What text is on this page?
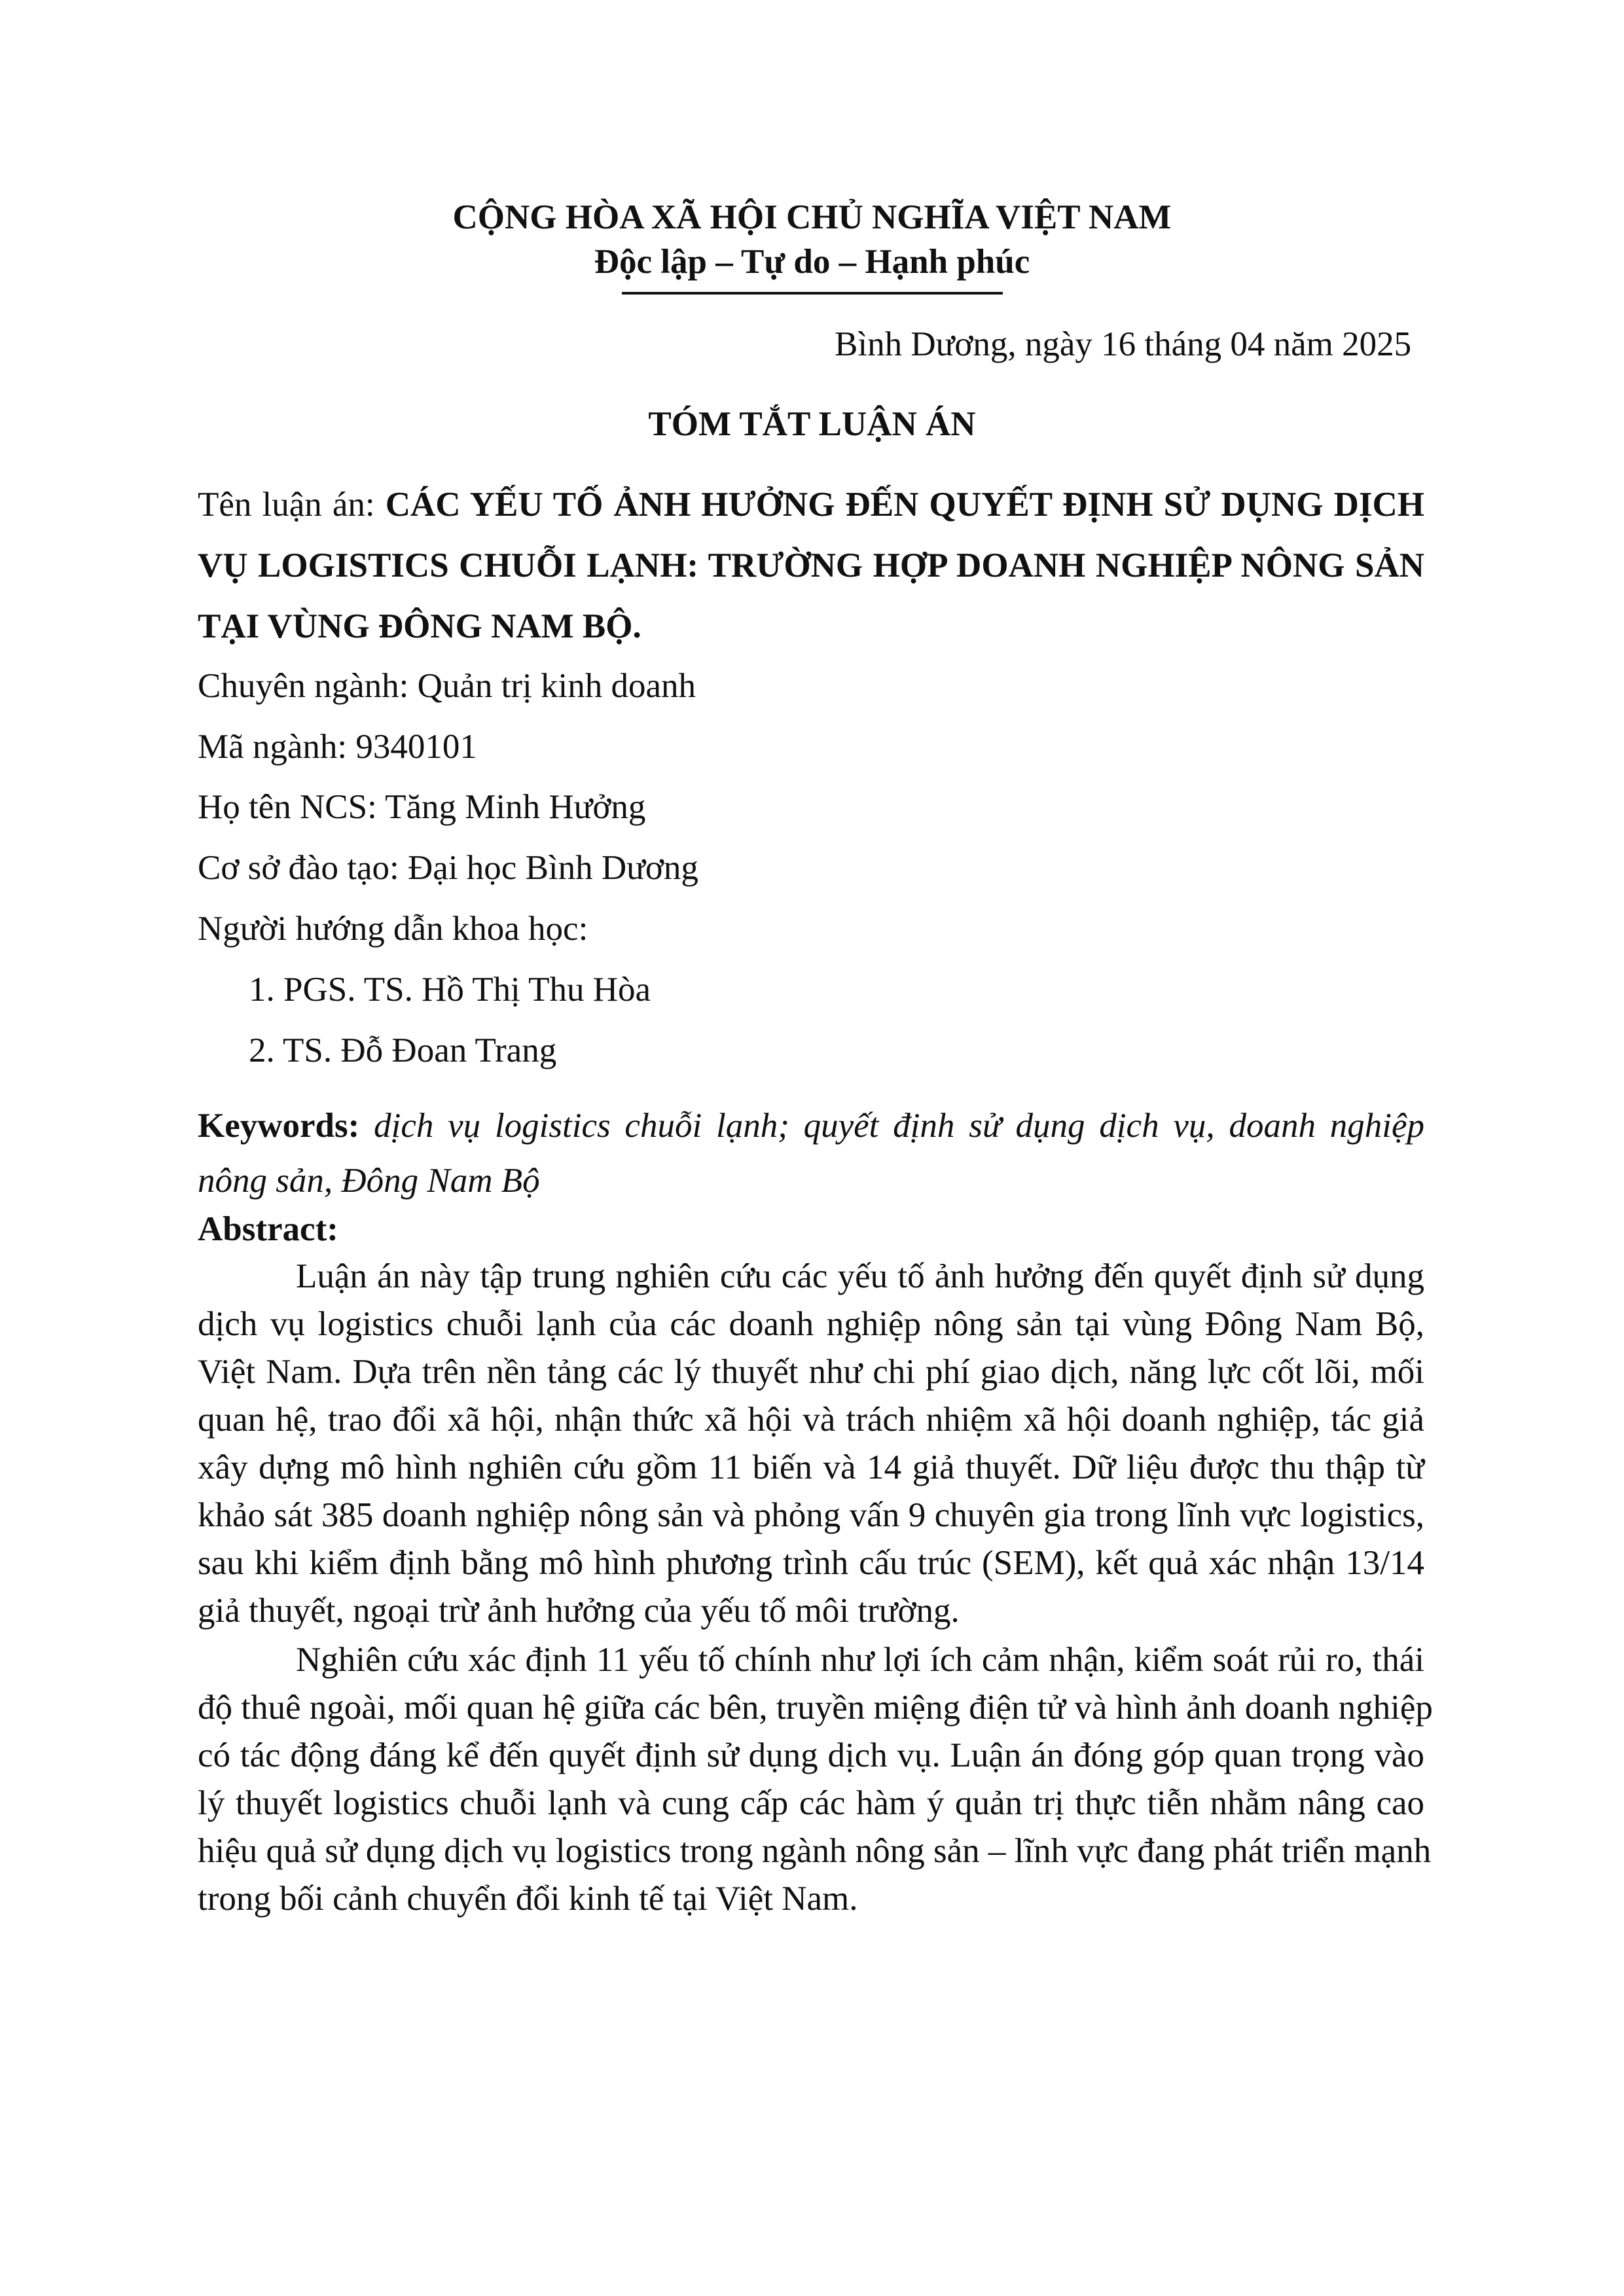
CỘNG HÒA XÃ HỘI CHỦ NGHĨA VIỆT NAM
Độc lập – Tự do – Hạnh phúc
Bình Dương, ngày 16 tháng 04 năm 2025
TÓM TẮT LUẬN ÁN
Tên luận án: CÁC YẾU TỐ ẢNH HƯỞNG ĐẾN QUYẾT ĐỊNH SỬ DỤNG DỊCH
VỤ LOGISTICS CHUỖI LẠNH: TRƯỜNG HỢP DOANH NGHIỆP NÔNG SẢN
TẠI VÙNG ĐÔNG NAM BỘ.
Chuyên ngành: Quản trị kinh doanh
Mã ngành: 9340101
Họ tên NCS: Tăng Minh Hưởng
Cơ sở đào tạo: Đại học Bình Dương
Người hướng dẫn khoa học:
1. PGS. TS. Hồ Thị Thu Hòa
2. TS. Đỗ Đoan Trang
Keywords: dịch vụ logistics chuỗi lạnh; quyết định sử dụng dịch vụ, doanh nghiệp
nông sản, Đông Nam Bộ
Abstract:
Luận án này tập trung nghiên cứu các yếu tố ảnh hưởng đến quyết định sử dụng
dịch vụ logistics chuỗi lạnh của các doanh nghiệp nông sản tại vùng Đông Nam Bộ,
Việt Nam. Dựa trên nền tảng các lý thuyết như chi phí giao dịch, năng lực cốt lõi, mối
quan hệ, trao đổi xã hội, nhận thức xã hội và trách nhiệm xã hội doanh nghiệp, tác giả
xây dựng mô hình nghiên cứu gồm 11 biến và 14 giả thuyết. Dữ liệu được thu thập từ
khảo sát 385 doanh nghiệp nông sản và phỏng vấn 9 chuyên gia trong lĩnh vực logistics,
sau khi kiểm định bằng mô hình phương trình cấu trúc (SEM), kết quả xác nhận 13/14
giả thuyết, ngoại trừ ảnh hưởng của yếu tố môi trường.
Nghiên cứu xác định 11 yếu tố chính như lợi ích cảm nhận, kiểm soát rủi ro, thái
độ thuê ngoài, mối quan hệ giữa các bên, truyền miệng điện tử và hình ảnh doanh nghiệp
có tác động đáng kể đến quyết định sử dụng dịch vụ. Luận án đóng góp quan trọng vào
lý thuyết logistics chuỗi lạnh và cung cấp các hàm ý quản trị thực tiễn nhằm nâng cao
hiệu quả sử dụng dịch vụ logistics trong ngành nông sản – lĩnh vực đang phát triển mạnh
trong bối cảnh chuyển đổi kinh tế tại Việt Nam.
